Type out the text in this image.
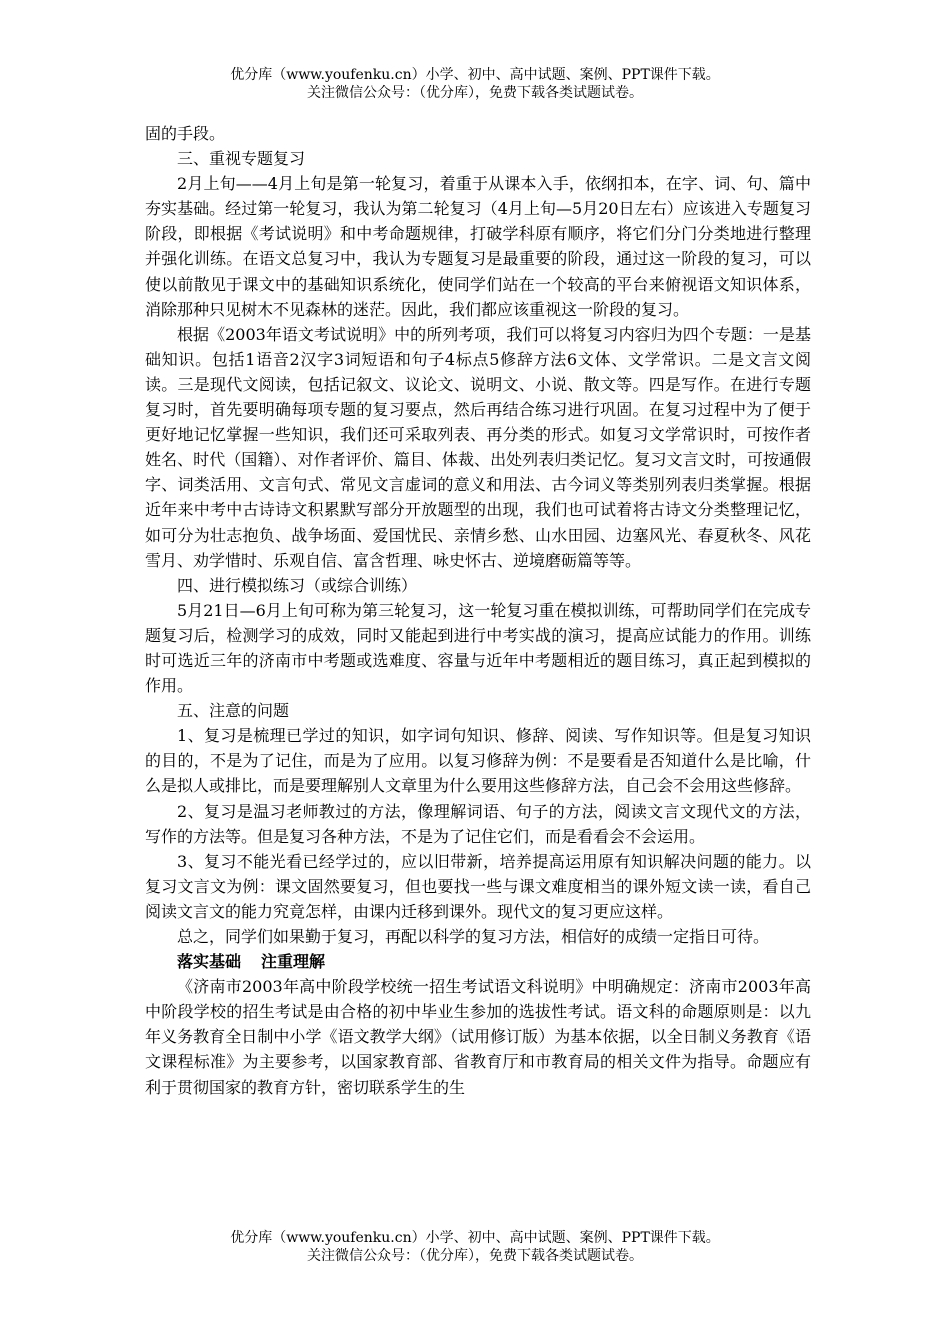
优分库（www.youfenku.cn）小学、初中、高中试题、案例、PPT课件下载。
关注微信公众号：（优分库），免费下载各类试题试卷。

固的手段。

三、重视专题复习

2月上旬——4月上旬是第一轮复习，着重于从课本入手，依纲扣本，在字、词、句、篇中夯实基础。经过第一轮复习，我认为第二轮复习（4月上旬—5月20日左右）应该进入专题复习阶段，即根据《考试说明》和中考命题规律，打破学科原有顺序，将它们分门分类地进行整理并强化训练。在语文总复习中，我认为专题复习是最重要的阶段，通过这一阶段的复习，可以使以前散见于课文中的基础知识系统化，使同学们站在一个较高的平台来俯视语文知识体系，消除那种只见树木不见森林的迷茫。因此，我们都应该重视这一阶段的复习。

根据《2003年语文考试说明》中的所列考项，我们可以将复习内容归为四个专题：一是基础知识。包括1语音2汉字3词短语和句子4标点5修辞方法6文体、文学常识。二是文言文阅读。三是现代文阅读，包括记叙文、议论文、说明文、小说、散文等。四是写作。在进行专题复习时，首先要明确每项专题的复习要点，然后再结合练习进行巩固。在复习过程中为了便于更好地记忆掌握一些知识，我们还可采取列表、再分类的形式。如复习文学常识时，可按作者姓名、时代（国籍）、对作者评价、篇目、体裁、出处列表归类记忆。复习文言文时，可按通假字、词类活用、文言句式、常见文言虚词的意义和用法、古今词义等类别列表归类掌握。根据近年来中考中古诗诗文积累默写部分开放题型的出现，我们也可试着将古诗文分类整理记忆，如可分为壮志抱负、战争场面、爱国忧民、亲情乡愁、山水田园、边塞风光、春夏秋冬、风花雪月、劝学惜时、乐观自信、富含哲理、咏史怀古、逆境磨砺篇等等。

四、进行模拟练习（或综合训练）

5月21日—6月上旬可称为第三轮复习，这一轮复习重在模拟训练，可帮助同学们在完成专题复习后，检测学习的成效，同时又能起到进行中考实战的演习，提高应试能力的作用。训练时可选近三年的济南市中考题或选难度、容量与近年中考题相近的题目练习，真正起到模拟的作用。

五、注意的问题

1、复习是梳理已学过的知识，如字词句知识、修辞、阅读、写作知识等。但是复习知识的目的，不是为了记住，而是为了应用。以复习修辞为例：不是要看是否知道什么是比喻，什么是拟人或排比，而是要理解别人文章里为什么要用这些修辞方法，自己会不会用这些修辞。

2、复习是温习老师教过的方法，像理解词语、句子的方法，阅读文言文现代文的方法，写作的方法等。但是复习各种方法，不是为了记住它们，而是看看会不会运用。

3、复习不能光看已经学过的，应以旧带新，培养提高运用原有知识解决问题的能力。以复习文言文为例：课文固然要复习，但也要找一些与课文难度相当的课外短文读一读，看自己阅读文言文的能力究竟怎样，由课内迁移到课外。现代文的复习更应这样。

总之，同学们如果勤于复习，再配以科学的复习方法，相信好的成绩一定指日可待。

落实基础 注重理解

《济南市2003年高中阶段学校统一招生考试语文科说明》中明确规定：济南市2003年高中阶段学校的招生考试是由合格的初中毕业生参加的选拔性考试。语文科的命题原则是：以九年义务教育全日制中小学《语文教学大纲》（试用修订版）为基本依据，以全日制义务教育《语文课程标准》为主要参考，以国家教育部、省教育厅和市教育局的相关文件为指导。命题应有利于贯彻国家的教育方针，密切联系学生的生

优分库（www.youfenku.cn）小学、初中、高中试题、案例、PPT课件下载。
关注微信公众号：（优分库），免费下载各类试题试卷。
